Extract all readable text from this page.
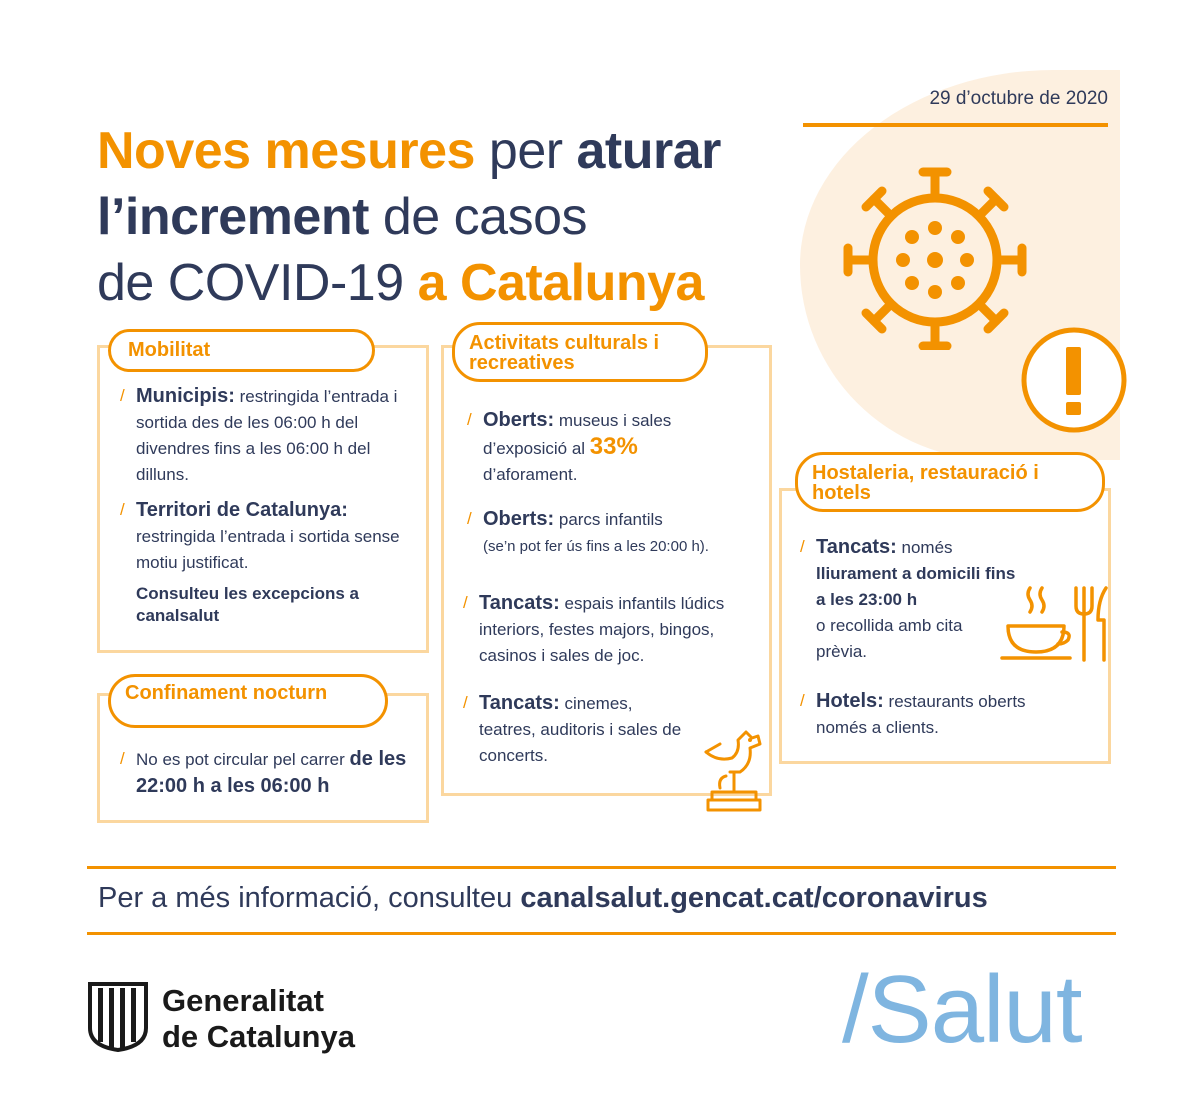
29 d’octubre de 2020
Noves mesures per aturar
l’increment de casos
de COVID-19 a Catalunya
Mobilitat
/ Municipis: restringida l’entrada i sortida des de les 06:00 h del divendres fins a les 06:00 h del dilluns.
/ Territori de Catalunya:
restringida l’entrada i sortida sense motiu justificat.
Consulteu les excepcions a canalsalut
Confinament nocturn
/ No es pot circular pel carrer de les 22:00 h a les 06:00 h
Activitats culturals i recreatives
/ Oberts: museus i sales d’exposició al 33% d’aforament.
/ Oberts: parcs infantils
(se’n pot fer ús fins a les 20:00 h).
/ Tancats: espais infantils lúdics interiors, festes majors, bingos, casinos i sales de joc.
/ Tancats: cinemes, teatres, auditoris i sales de concerts.
Hostaleria, restauració i hotels
/ Tancats: només
lliurament a domicili fins a les 23:00 h
o recollida amb cita prèvia.
/ Hotels: restaurants oberts només a clients.
Per a més informació, consulteu canalsalut.gencat.cat/coronavirus
Generalitat
de Catalunya	/Salut
